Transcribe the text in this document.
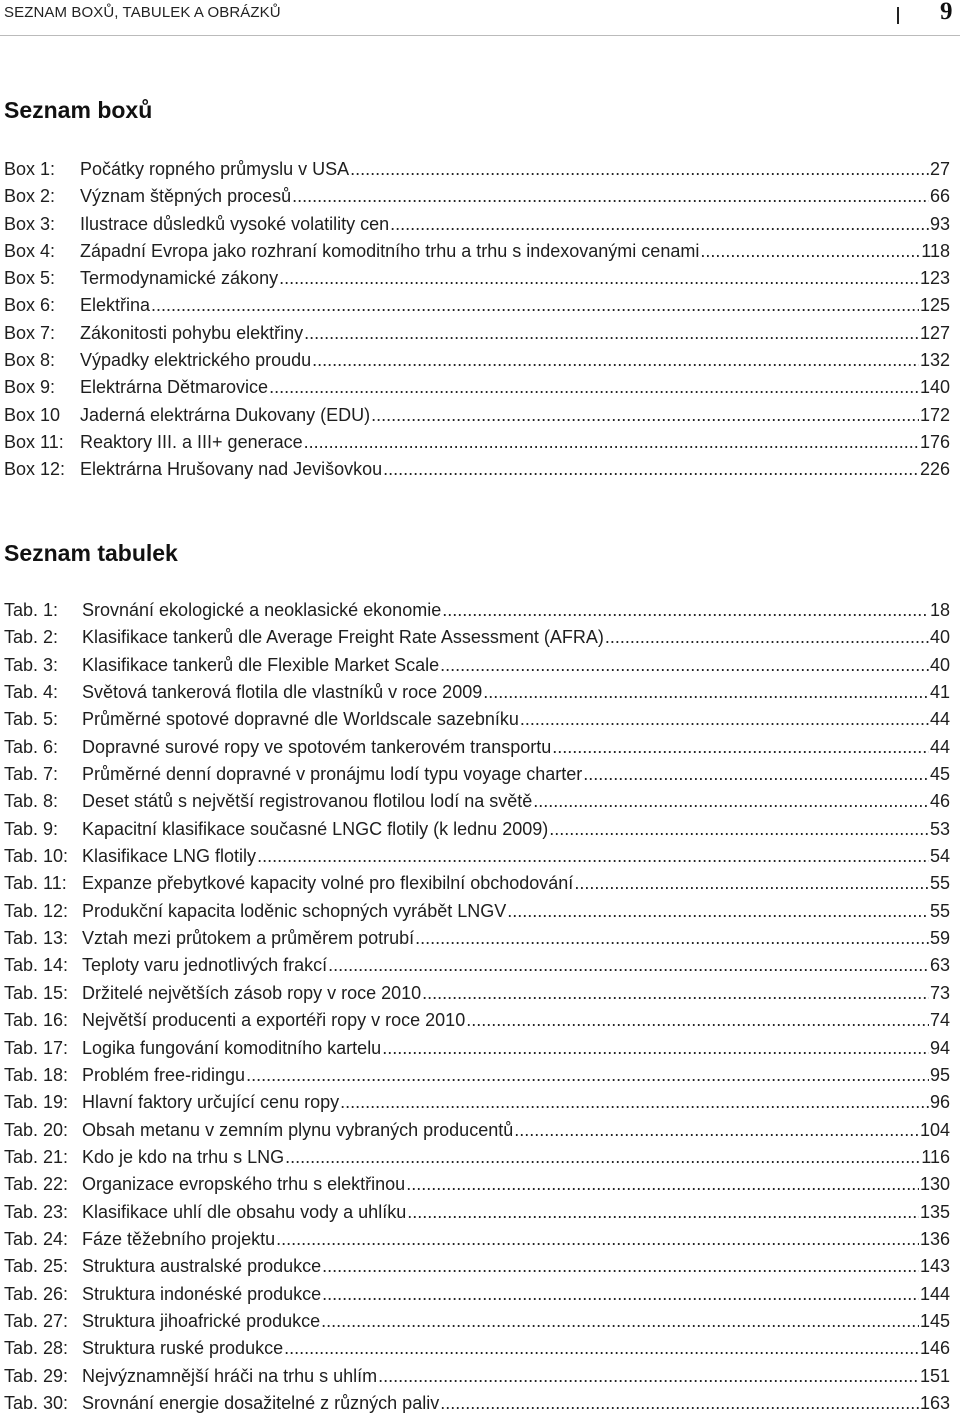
SEZNAM BOXŮ, TABULEK A OBRÁZKŮ	9
Seznam boxů
Box 1:	Počátky ropného průmyslu v USA .....	27
Box 2:	Význam štěpných procesů .....	66
Box 3:	Ilustrace důsledků vysoké volatility cen .....	93
Box 4:	Západní Evropa jako rozhraní komoditního trhu a trhu s indexovanými cenami .....	118
Box 5:	Termodynamické zákony .....	123
Box 6:	Elektřina .....	125
Box 7:	Zákonitosti pohybu elektřiny .....	127
Box 8:	Výpadky elektrického proudu .....	132
Box 9:	Elektrárna Dětmarovice .....	140
Box 10	Jaderná elektrárna Dukovany (EDU) .....	172
Box 11: Reaktory III. a III+ generace .....	176
Box 12: Elektrárna Hrušovany nad Jevišovkou .....	226
Seznam tabulek
Tab. 1:	Srovnání ekologické a neoklasické ekonomie .....	18
Tab. 2:	Klasifikace tankerů dle Average Freight Rate Assessment (AFRA) .....	40
Tab. 3:	Klasifikace tankerů dle Flexible Market Scale .....	40
Tab. 4:	Světová tankerová flotila dle vlastníků v roce 2009 .....	41
Tab. 5:	Průměrné spotové dopravné dle Worldscale sazebníku .....	44
Tab. 6:	Dopravné surové ropy ve spotovém tankerovém transportu .....	44
Tab. 7:	Průměrné denní dopravné v pronájmu lodí typu voyage charter .....	45
Tab. 8:	Deset států s největší registrovanou flotilou lodí na světě .....	46
Tab. 9:	Kapacitní klasifikace současné LNGC flotily (k lednu 2009) .....	53
Tab. 10: Klasifikace LNG flotily .....	54
Tab. 11: Expanze přebytkové kapacity volné pro flexibilní obchodování .....	55
Tab. 12: Produkční kapacita loděnic schopných vyrábět LNGV .....	55
Tab. 13: Vztah mezi průtokem a průměrem potrubí .....	59
Tab. 14: Teploty varu jednotlivých frakcí .....	63
Tab. 15: Držitelé největších zásob ropy v roce 2010 .....	73
Tab. 16: Největší producenti a exportéři ropy v roce 2010 .....	74
Tab. 17: Logika fungování komoditního kartelu .....	94
Tab. 18: Problém free-ridingu .....	95
Tab. 19: Hlavní faktory určující cenu ropy .....	96
Tab. 20: Obsah metanu v zemním plynu vybraných producentů .....	104
Tab. 21: Kdo je kdo na trhu s LNG .....	116
Tab. 22: Organizace evropského trhu s elektřinou .....	130
Tab. 23: Klasifikace uhlí dle obsahu vody a uhlíku .....	135
Tab. 24: Fáze těžebního projektu .....	136
Tab. 25: Struktura australské produkce .....	143
Tab. 26: Struktura indonéské produkce .....	144
Tab. 27: Struktura jihoafrické produkce .....	145
Tab. 28: Struktura ruské produkce .....	146
Tab. 29: Nejvýznamnější hráči na trhu s uhlím .....	151
Tab. 30: Srovnání energie dosažitelné z různých paliv .....	163
